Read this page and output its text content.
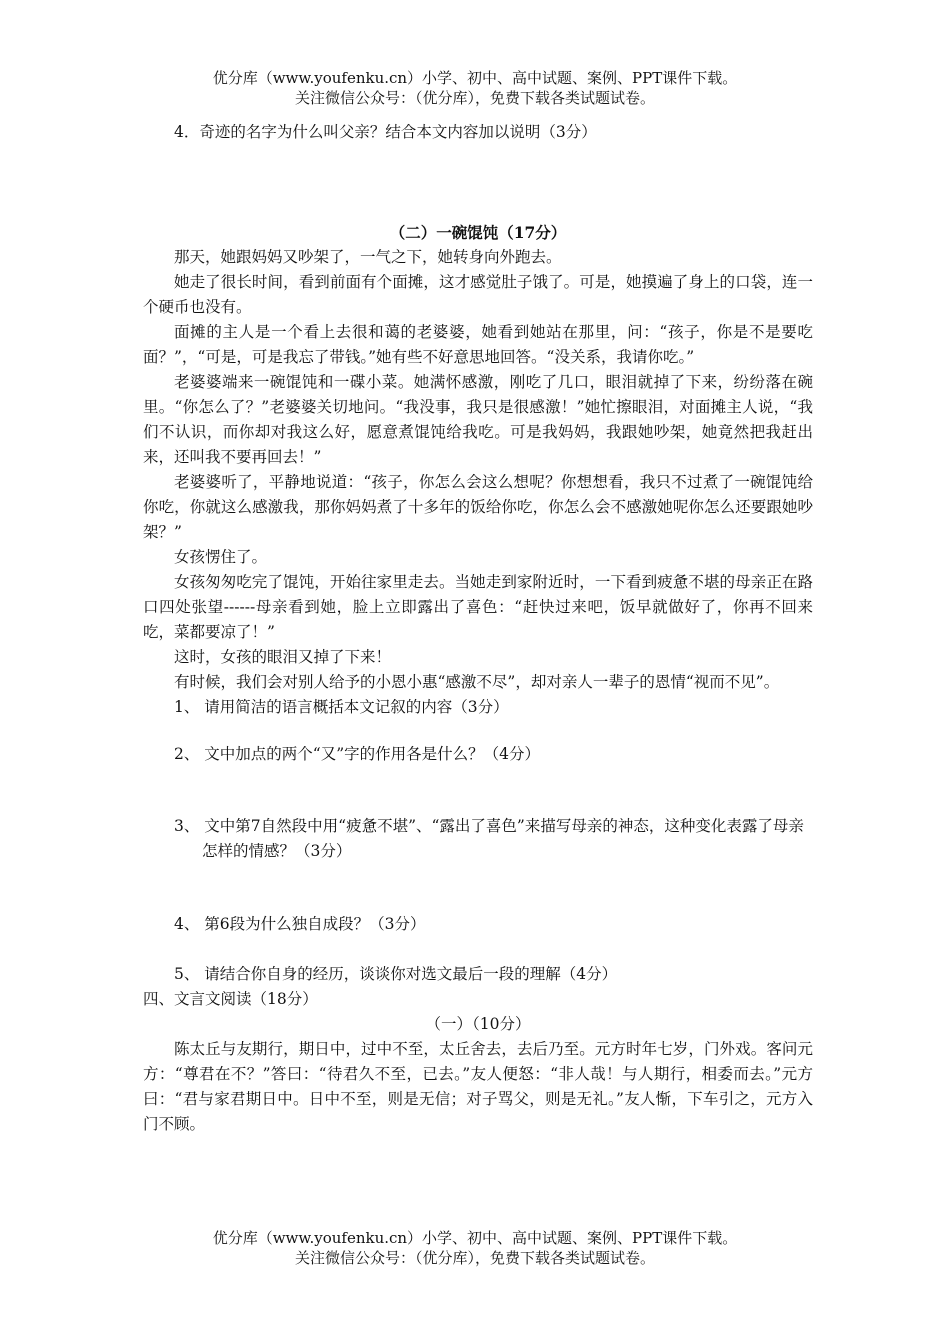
优分库（www.youfenku.cn）小学、初中、高中试题、案例、PPT课件下载。
关注微信公众号：（优分库），免费下载各类试题试卷。

4．奇迹的名字为什么叫父亲？结合本文内容加以说明（3分）

（二）一碗馄饨（17分）

那天，她跟妈妈又吵架了，一气之下，她转身向外跑去。

她走了很长时间，看到前面有个面摊，这才感觉肚子饿了。可是，她摸遍了身上的口袋，连一个硬币也没有。

面摊的主人是一个看上去很和蔼的老婆婆，她看到她站在那里，问：“孩子，你是不是要吃面？”，“可是，可是我忘了带钱。”她有些不好意思地回答。“没关系，我请你吃。”

老婆婆端来一碗馄饨和一碟小菜。她满怀感激，刚吃了几口，眼泪就掉了下来，纷纷落在碗里。“你怎么了？”老婆婆关切地问。“我没事，我只是很感激！”她忙擦眼泪，对面摊主人说，“我们不认识，而你却对我这么好，愿意煮馄饨给我吃。可是我妈妈，我跟她吵架，她竟然把我赶出来，还叫我不要再回去！”

老婆婆听了，平静地说道：“孩子，你怎么会这么想呢？你想想看，我只不过煮了一碗馄饨给你吃，你就这么感激我，那你妈妈煮了十多年的饭给你吃，你怎么会不感激她呢你怎么还要跟她吵架？”

女孩愣住了。

女孩匆匆吃完了馄饨，开始往家里走去。当她走到家附近时，一下看到疲惫不堪的母亲正在路口四处张望------母亲看到她，脸上立即露出了喜色：“赶快过来吧，饭早就做好了，你再不回来吃，菜都要凉了！”

这时，女孩的眼泪又掉了下来！

有时候，我们会对别人给予的小恩小惠“感激不尽”，却对亲人一辈子的恩情“视而不见”。

1、 请用简洁的语言概括本文记叙的内容（3分）

2、 文中加点的两个“又”字的作用各是什么？（4分）

3、 文中第7自然段中用“疲惫不堪”、“露出了喜色”来描写母亲的神态，这种变化表露了母亲怎样的情感？（3分）

4、 第6段为什么独自成段？（3分）

5、 请结合你自身的经历，谈谈你对选文最后一段的理解（4分）

四、文言文阅读（18分）

（一）（10分）

陈太丘与友期行，期日中，过中不至，太丘舍去，去后乃至。元方时年七岁，门外戏。客问元方：“尊君在不？”答曰：“待君久不至，已去。”友人便怒：“非人哉！与人期行，相委而去。”元方曰：“君与家君期日中。日中不至，则是无信；对子骂父，则是无礼。”友人惭，下车引之，元方入门不顾。

优分库（www.youfenku.cn）小学、初中、高中试题、案例、PPT课件下载。
关注微信公众号：（优分库），免费下载各类试题试卷。
